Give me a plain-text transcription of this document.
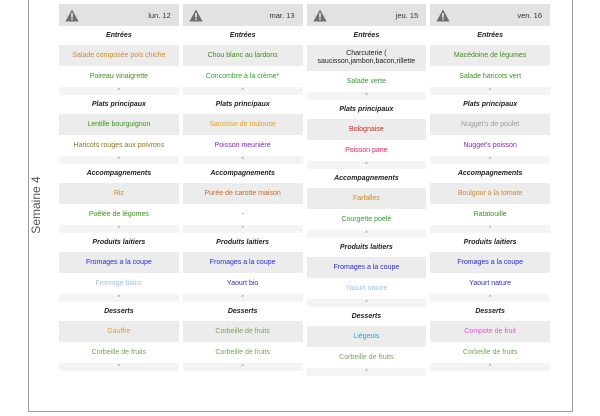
Semaine 4
lun. 12
Entrées
Salade composée pois chiche
Poireau vinaigrette
^
Plats principaux
Lentille bourguignon
Haricots rouges aux poivrons
^
Accompagnements
Riz
Poêlée de légumes
^
Produits laitiers
Fromages a la coupe
Fromage blanc
^
Desserts
Gauffre
Corbeille de fruits
^
mar. 13
Entrées
Chou blanc au lardons
Concombre à la crème*
^
Plats principaux
Saucisse de toulouse
Poisson meunière
^
Accompagnements
Purée de carotte maison
-
^
Produits laitiers
Fromages a la coupe
Yaourt bio
^
Desserts
Corbeille de fruits
Corbeille de fruits
^
jeu. 15
Entrées
Charcuterie ( saucisson,jambon,bacon,rillette
Salade verte
^
Plats principaux
Bolognaise
Poisson pane
^
Accompagnements
Farfalles
Courgette poelé
^
Produits laitiers
Fromages a la coupe
Yaourt nature
^
Desserts
Liégeois
Corbeille de fruits
^
ven. 16
Entrées
Macédoine de légumes
Salade haricots vert
^
Plats principaux
Nugget's de poulet
Nugget's poisson
^
Accompagnements
Boulgour à la tomate
Ratatouille
^
Produits laitiers
Fromages a la coupe
Yaourt nature
^
Desserts
Compote de fruit
Corbeille de fruits
^
